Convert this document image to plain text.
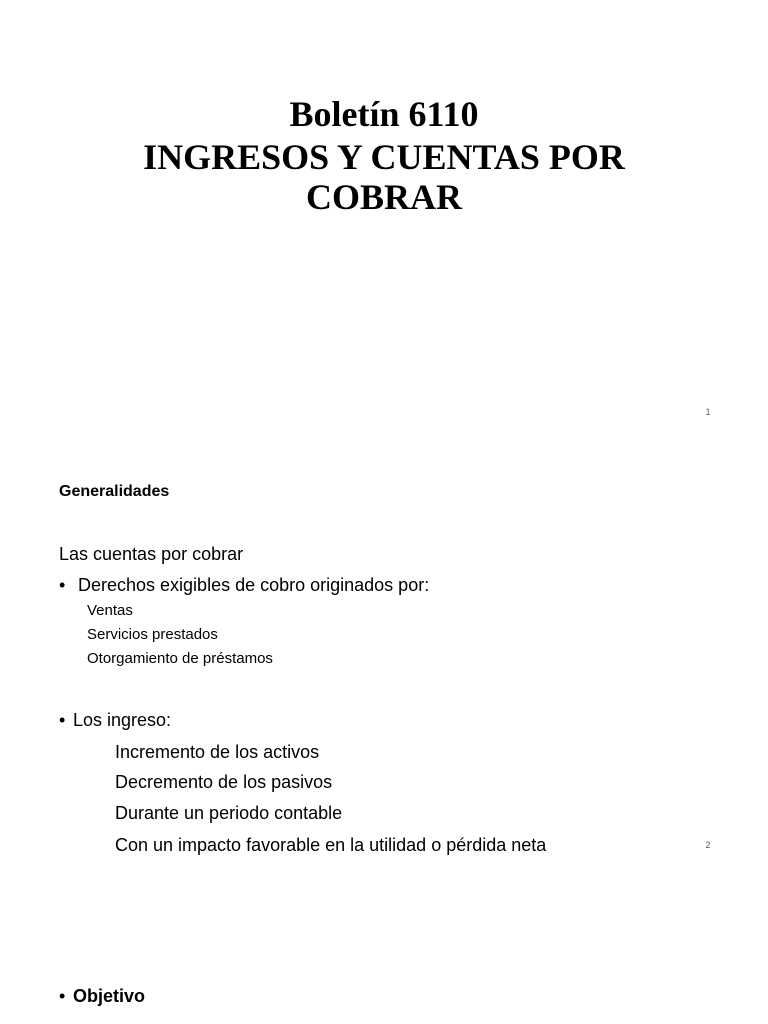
Boletín 6110
INGRESOS Y CUENTAS POR
COBRAR
1
Generalidades
Las cuentas por cobrar
• Derechos exigibles de cobro originados por:
Ventas
Servicios prestados
Otorgamiento de préstamos
• Los ingreso:
Incremento de los activos
Decremento de los pasivos
Durante un periodo contable
Con un impacto favorable en la utilidad o pérdida neta	2
• Objetivo
